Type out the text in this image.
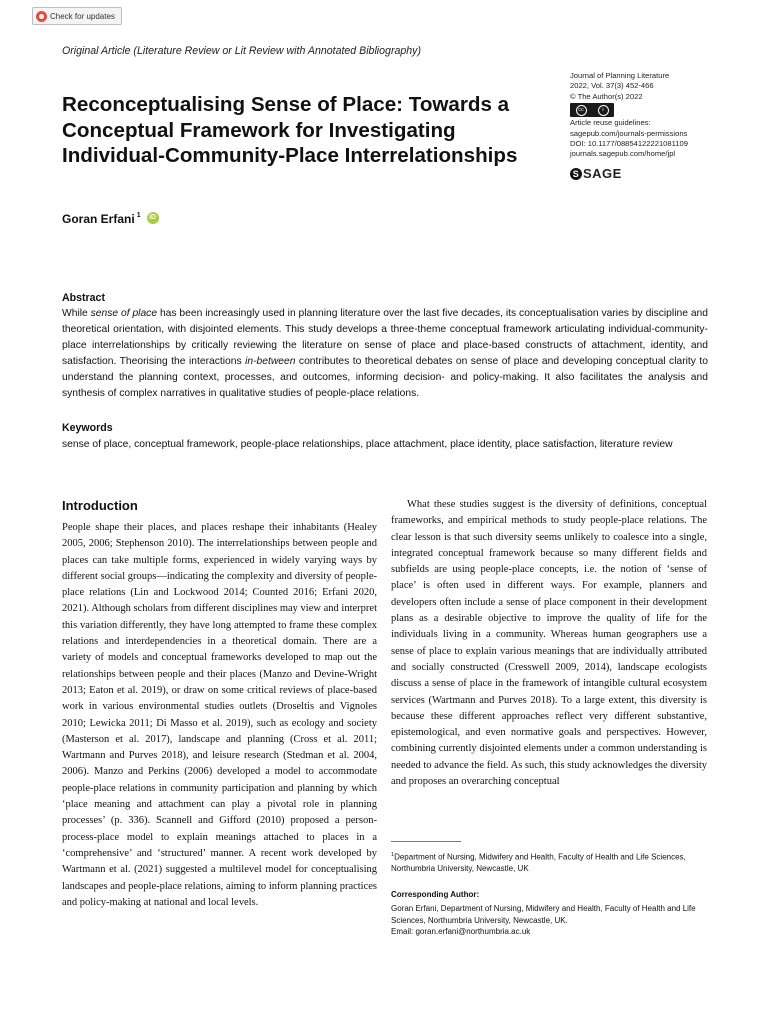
Check for updates
Original Article (Literature Review or Lit Review with Annotated Bibliography)
Journal of Planning Literature
2022, Vol. 37(3) 452-466
© The Author(s) 2022
cc	i
Article reuse guidelines:
sagepub.com/journals-permissions
DOI: 10.1177/08854122221081109
journals.sagepub.com/home/jpl
S SAGE
Reconceptualising Sense of Place: Towards a Conceptual Framework for Investigating Individual-Community-Place Interrelationships
Goran Erfani $^1$	iD
Abstract

While sense of place has been increasingly used in planning literature over the last five decades, its conceptualisation varies by discipline and theoretical orientation, with disjointed elements. This study develops a three-theme conceptual framework articulating individual-community-place interrelationships by critically reviewing the literature on sense of place and place-based constructs of attachment, identity, and satisfaction. Theorising the interactions in-between contributes to theoretical debates on sense of place and developing conceptual clarity to understand the planning context, processes, and outcomes, informing decision- and policy-making. It also facilitates the analysis and synthesis of complex narratives in qualitative studies of people-place relations.

Keywords

sense of place, conceptual framework, people-place relationships, place attachment, place identity, place satisfaction, literature review

Introduction

People shape their places, and places reshape their inhabitants (Healey 2005, 2006; Stephenson 2010). The interrelationships between people and places can take multiple forms, experienced in widely varying ways by different social groups—indicating the complexity and diversity of people-place relations (Lin and Lockwood 2014; Counted 2016; Erfani 2020, 2021). Although scholars from different disciplines may view and interpret this variation differently, they have long attempted to frame these complex relations and interdependencies in a theoretical domain. There are a variety of models and conceptual frameworks developed to map out the relationships between people and their places (Manzo and Devine-Wright 2013; Eaton et al. 2019), or draw on some critical reviews of place-based work in various environmental studies outlets (Droseltis and Vignoles 2010; Lewicka 2011; Di Masso et al. 2019), such as ecology and society (Masterson et al. 2017), landscape and planning (Cross et al. 2011; Wartmann and Purves 2018), and leisure research (Stedman et al. 2004, 2006). Manzo and Perkins (2006) developed a model to accommodate people-place relations in community participation and planning by which ‘place meaning and attachment can play a pivotal role in planning processes’ (p. 336). Scannell and Gifford (2010) proposed a person-process-place model to explain meanings attached to places in a ‘comprehensive’ and ‘structured’ manner. A recent work developed by Wartmann et al. (2021) suggested a multilevel model for conceptualising landscapes and people-place relations, aiming to inform planning practices and policy-making at national and local levels.

What these studies suggest is the diversity of definitions, conceptual frameworks, and empirical methods to study people-place relations. The clear lesson is that such diversity seems unlikely to coalesce into a single, integrated conceptual framework because so many different fields and subfields are using people-place concepts, i.e. the notion of ‘sense of place’ is often used in different ways. For example, planners and developers often include a sense of place component in their development plans as a desirable objective to improve the quality of life for the individuals living in a community. Whereas human geographers use a sense of place to explain various meanings that are individually attributed and socially constructed (Cresswell 2009, 2014), landscape ecologists discuss a sense of place in the framework of intangible cultural ecosystem services (Wartmann and Purves 2018). To a large extent, this diversity is because these different approaches reflect very different substantive, epistemological, and even normative goals and perspectives. However, combining currently disjointed elements under a common understanding is needed to advance the field. As such, this study acknowledges the diversity and proposes an overarching conceptual

$^1$Department of Nursing, Midwifery and Health, Faculty of Health and Life Sciences, Northumbria University, Newcastle, UK

Corresponding Author:
Goran Erfani, Department of Nursing, Midwifery and Health, Faculty of Health and Life Sciences, Northumbria University, Newcastle, UK.
Email: goran.erfani@northumbria.ac.uk
